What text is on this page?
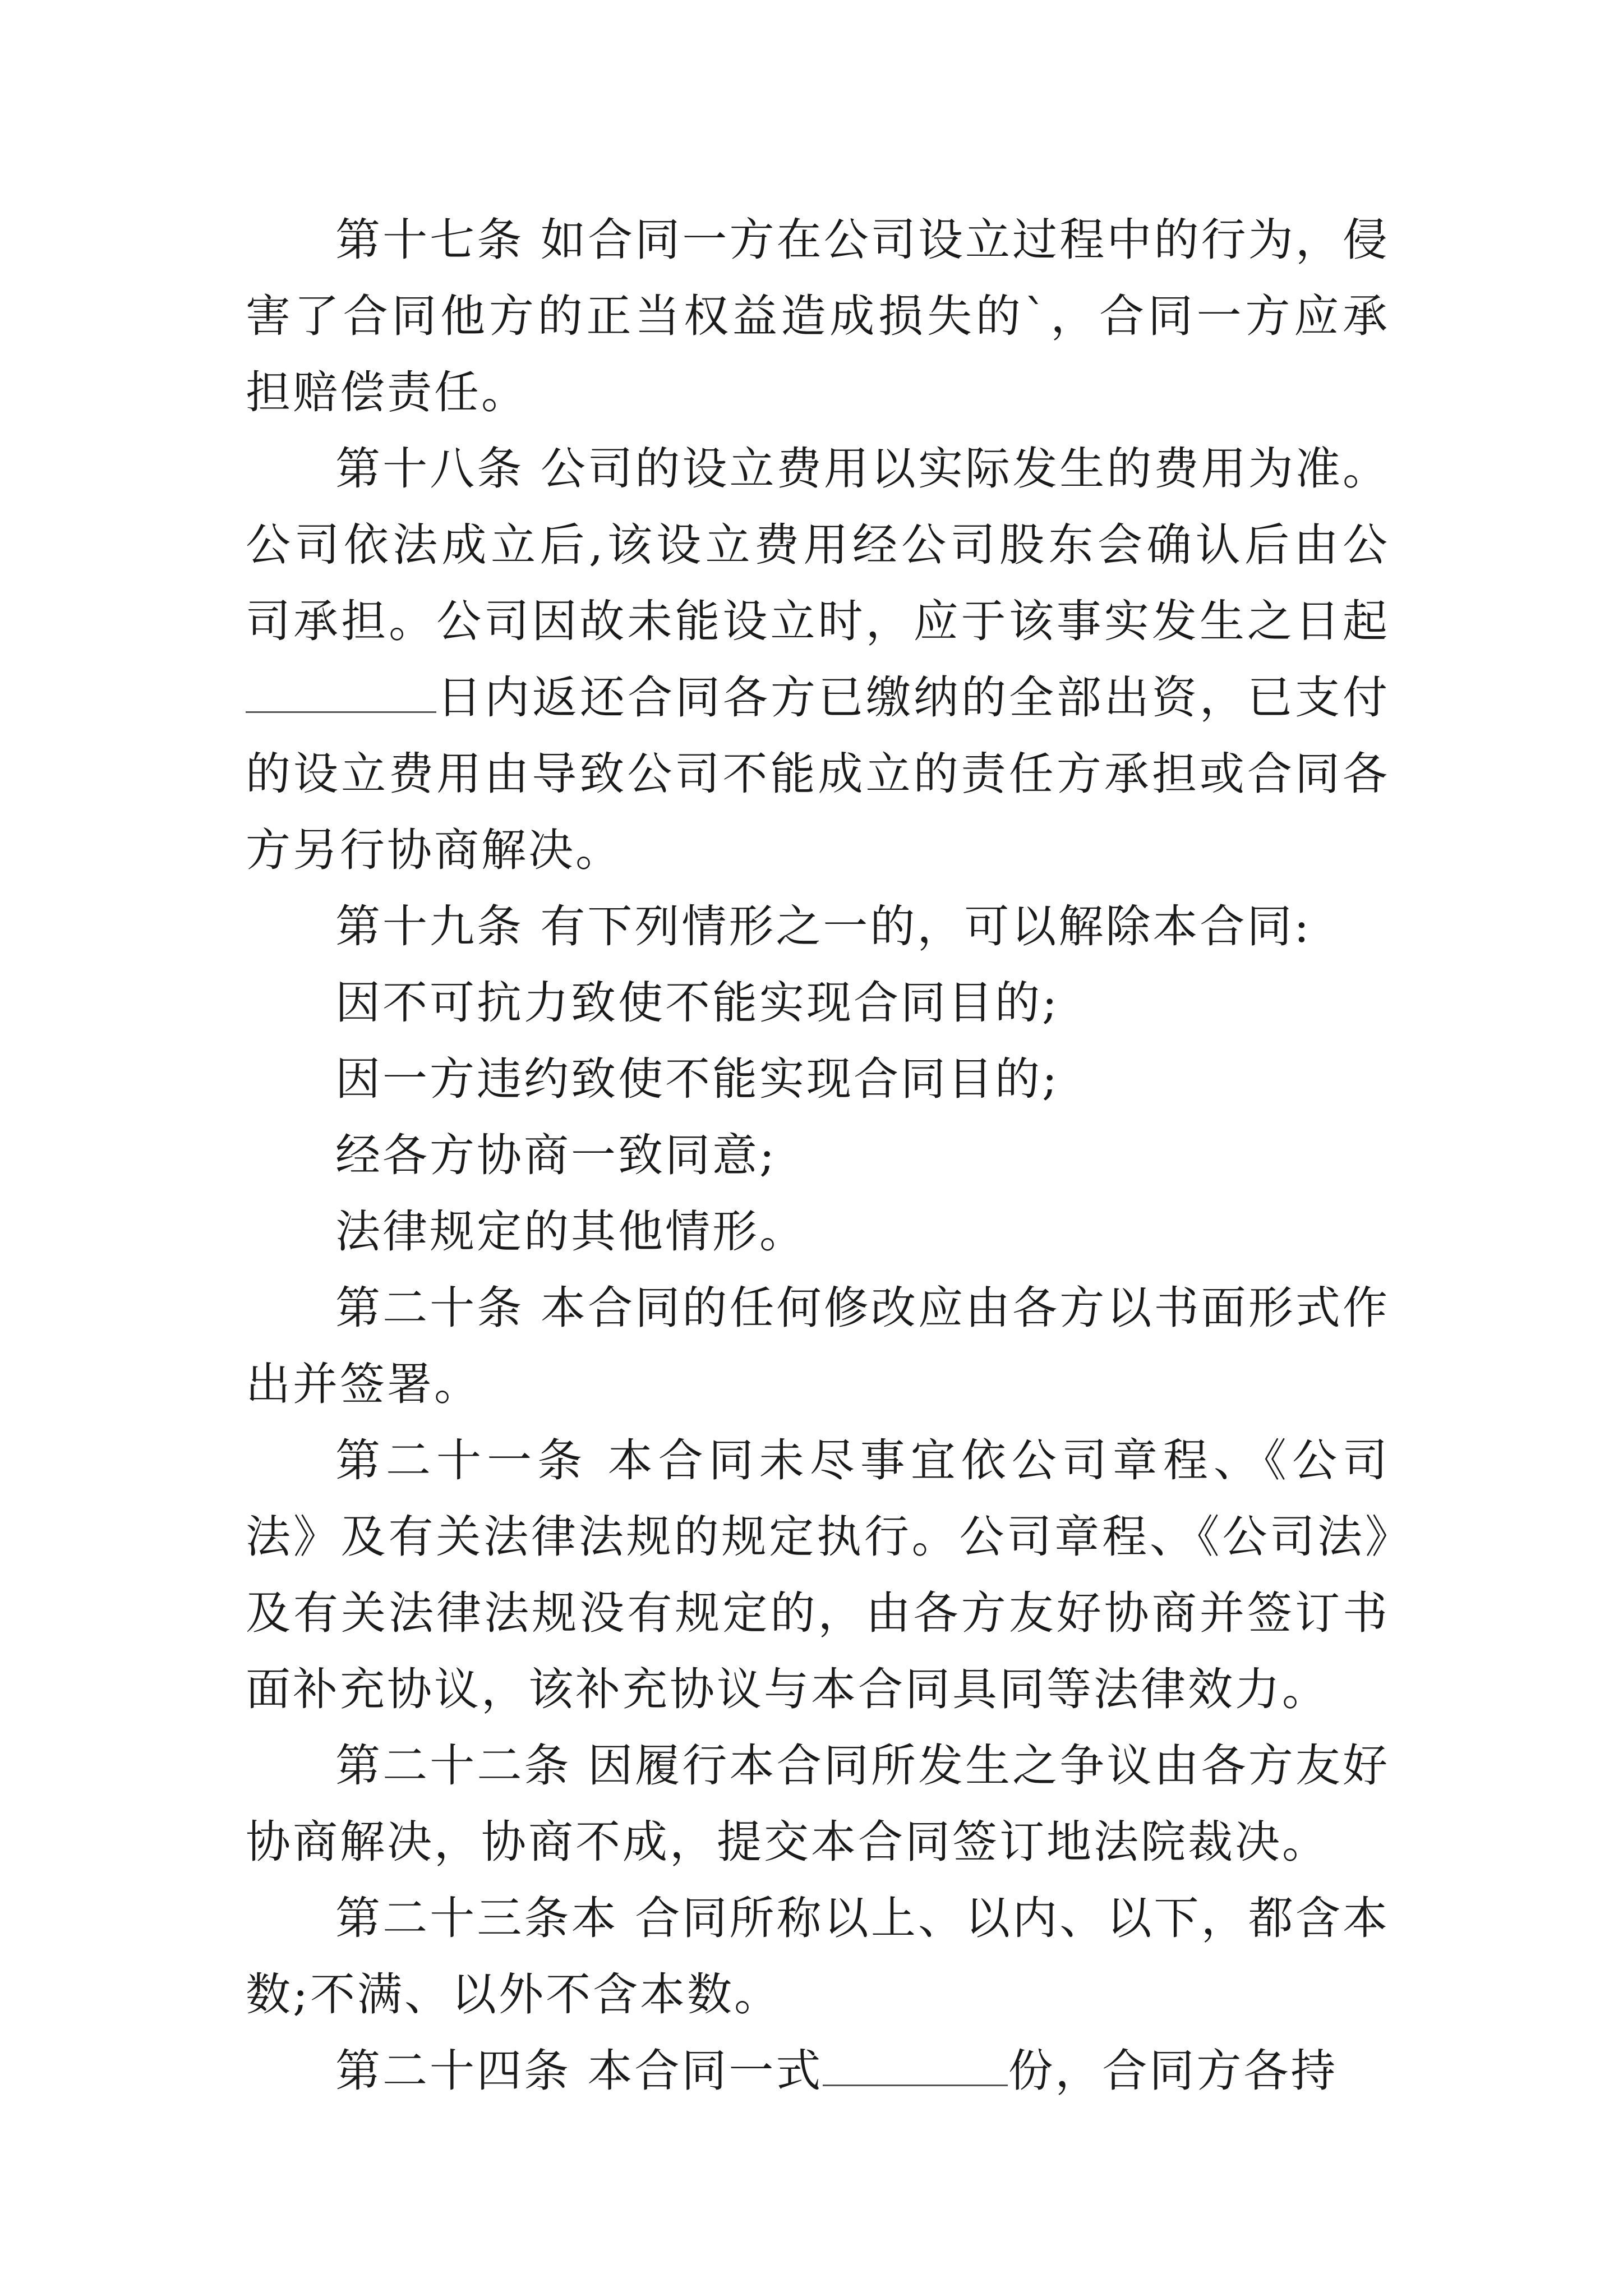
第十七条 如合同一方在公司设立过程中的行为，侵害了合同他方的正当权益造成损失的`，合同一方应承担赔偿责任。

第十八条 公司的设立费用以实际发生的费用为准。公司依法成立后,该设立费用经公司股东会确认后由公司承担。公司因故未能设立时，应于该事实发生之日起日内返还合同各方已缴纳的全部出资，已支付的设立费用由导致公司不能成立的责任方承担或合同各方另行协商解决。

第十九条 有下列情形之一的，可以解除本合同:

因不可抗力致使不能实现合同目的;

因一方违约致使不能实现合同目的;

经各方协商一致同意;

法律规定的其他情形。

第二十条 本合同的任何修改应由各方以书面形式作出并签署。

第二十一条 本合同未尽事宜依公司章程、《公司法》及有关法律法规的规定执行。公司章程、《公司法》及有关法律法规没有规定的，由各方友好协商并签订书面补充协议，该补充协议与本合同具同等法律效力。

第二十二条 因履行本合同所发生之争议由各方友好协商解决，协商不成，提交本合同签订地法院裁决。

第二十三条本 合同所称以上、以内、以下，都含本数;不满、以外不含本数。

第二十四条 本合同一式	份，合同方各持
